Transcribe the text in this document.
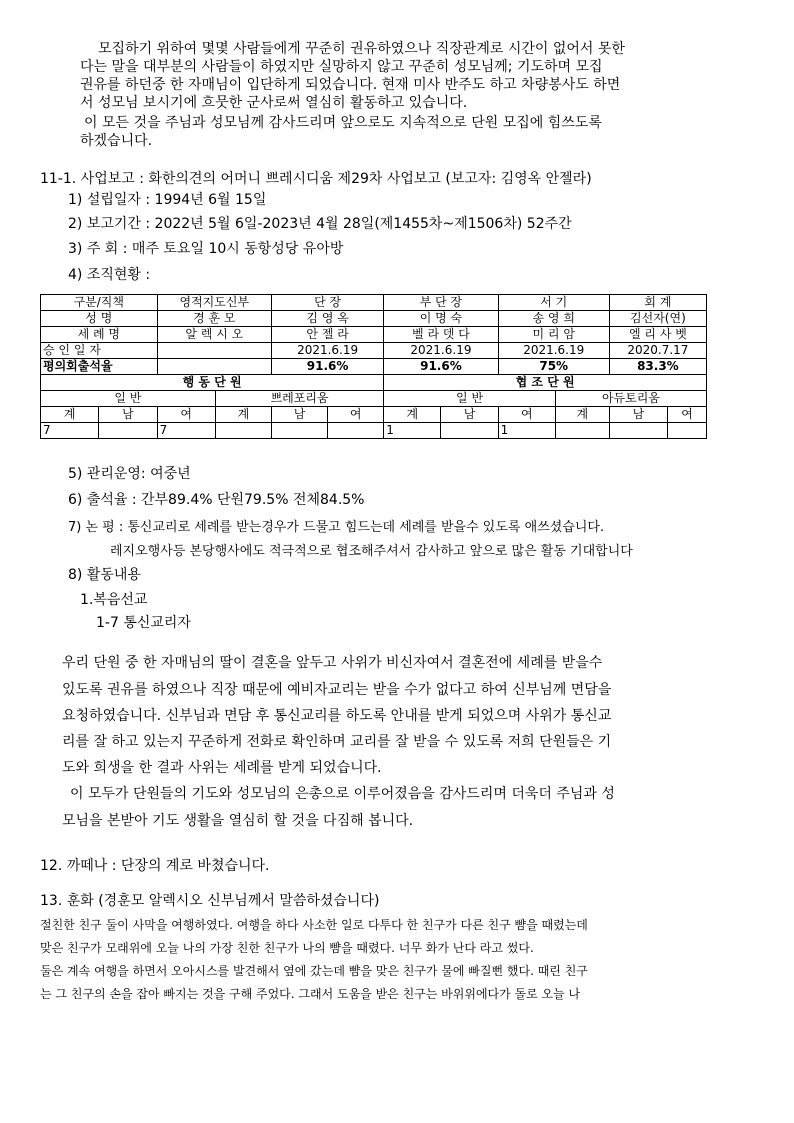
모집하기 위하여 몇몇 사람들에게 꾸준히 권유하였으나 직장관계로 시간이 없어서 못한
다는 말을 대부분의 사람들이 하였지만 실망하지 않고 꾸준히 성모님께; 기도하며 모집
권유를 하던중 한 자매님이 입단하게 되었습니다. 현재 미사 반주도 하고 차량봉사도 하면
서 성모님 보시기에 흐뭇한 군사로써 열심히 활동하고 있습니다.
이 모든 것을 주님과 성모님께 감사드리며 앞으로도 지속적으로 단원 모집에 힘쓰도록
하겠습니다.
11-1. 사업보고 : 화한의견의 어머니 쁘레시디움 제29차 사업보고 (보고자: 김영옥 안젤라)
1) 설립일자 : 1994년 6월 15일
2) 보고기간 : 2022년 5월 6일-2023년 4월 28일(제1455차~제1506차) 52주간
3) 주 회 : 매주 토요일 10시 동항성당 유아방
4) 조직현황 :
구분/직책		영적지도신부		단 장		부 단 장		서 기		회 계	
성 명		경 훈 모		김 영 옥		이 명 숙		송 영 희		김선자(연)	
세 례 명		알 렉 시 오		안 젤 라		벨 라 뎃 다		미 리 암		엘 리 사 벳	
승 인 일 자				2021.6.19		2021.6.19		2021.6.19		2020.7.17	
평의회출석율				91.6%		91.6%		75%		83.3%	
행 동 단 원						협 조 단 원					
일 반			쁘레포리움			일 반			아듀토리움		
계	남	여	계	남	여	계	남	여	계	남	여
7		7				1		1			
5) 관리운영: 여중년
6) 출석율 : 간부89.4% 단원79.5% 전체84.5%
7) 논 평 : 통신교리로 세례를 받는경우가 드물고 힘드는데 세례를 받을수 있도록 애쓰셨습니다.
레지오행사등 본당행사에도 적극적으로 협조해주셔서 감사하고 앞으로 많은 활동 기대합니다
8) 활동내용
1.복음선교
1-7 통신교리자
우리 단원 중 한 자매님의 딸이 결혼을 앞두고 사위가 비신자여서 결혼전에 세례를 받을수
있도록 권유를 하였으나 직장 때문에 예비자교리는 받을 수가 없다고 하여 신부님께 면담을
요청하였습니다. 신부님과 면담 후 통신교리를 하도록 안내를 받게 되었으며 사위가 통신교
리를 잘 하고 있는지 꾸준하게 전화로 확인하며 교리를 잘 받을 수 있도록 저희 단원들은 기
도와 희생을 한 결과 사위는 세례를 받게 되었습니다.
이 모두가 단원들의 기도와 성모님의 은총으로 이루어졌음을 감사드리며 더욱더 주님과 성
모님을 본받아 기도 생활을 열심히 할 것을 다짐해 봅니다.
12. 까떼나 : 단장의 계로 바쳤습니다.
13. 훈화 (경훈모 알렉시오 신부님께서 말씀하셨습니다)
절친한 친구 둘이 사막을 여행하였다. 여행을 하다 사소한 일로 다투다 한 친구가 다른 친구 뺨을 때렸는데
맞은 친구가 모래위에 오늘 나의 가장 친한 친구가 나의 뺨을 때렸다. 너무 화가 난다 라고 썼다.
둘은 계속 여행을 하면서 오아시스를 발견해서 옆에 갔는데 뺨을 맞은 친구가 물에 빠질뻔 했다. 때린 친구
는 그 친구의 손을 잡아 빠지는 것을 구해 주었다. 그래서 도움을 받은 친구는 바위위에다가 돌로 오늘 나
